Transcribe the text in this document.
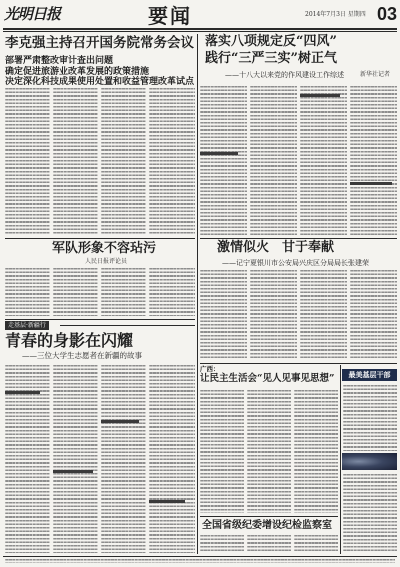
光明日报	要闻	2014年7月3日 星期四 03
李克强主持召开国务院常务会议
部署严肃整改审计查出问题
确定促进旅游业改革发展的政策措施
决定深化科技成果使用处置和收益管理改革试点
落实八项规定反“四风”
践行“三严三实”树正气
——十八大以来党的作风建设工作综述	新华社记者
军队形象不容玷污
人民日报评论员
走基层·新疆行
青春的身影在闪耀
——三位大学生志愿者在新疆的故事
激情似火　甘于奉献
——记宁夏银川市公安局兴庆区分局局长张建荣
广西：
让民主生活会“见人见事见思想”	最美基层干部
全国省级纪委增设纪检监察室
